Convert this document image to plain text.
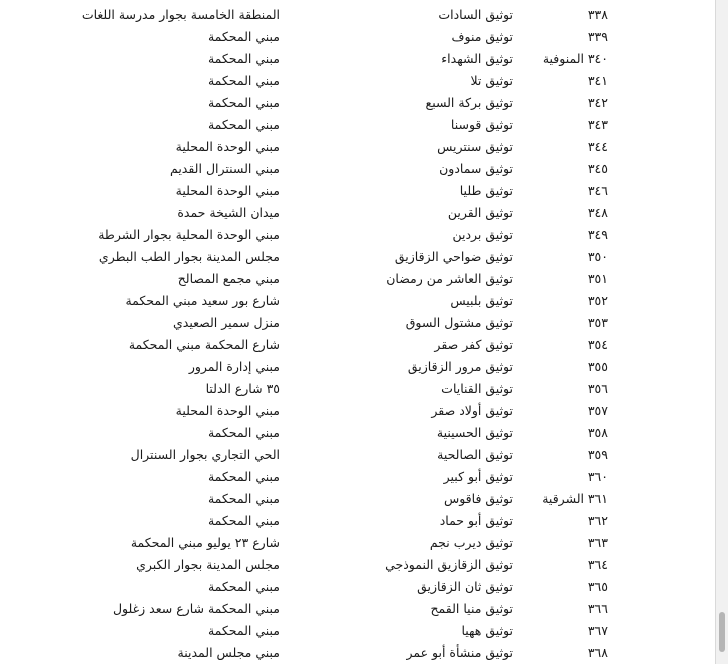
٣٣٨
توثيق السادات
المنطقة الخامسة بجوار مدرسة اللغات
٣٣٩
توثيق منوف
مبني المحكمة
٣٤٠
المنوفية
توثيق الشهداء
مبني المحكمة
٣٤١
توثيق تلا
مبني المحكمة
٣٤٢
توثيق بركة السبع
مبني المحكمة
٣٤٣
توثيق قوسنا
مبني المحكمة
٣٤٤
توثيق سنتريس
مبني الوحدة المحلية
٣٤٥
توثيق سمادون
مبني السنترال القديم
٣٤٦
توثيق طليا
مبني الوحدة المحلية
٣٤٨
توثيق القرين
ميدان الشيخة حمدة
٣٤٩
توثيق بردين
مبني الوحدة المحلية بجوار الشرطة
٣٥٠
توثيق ضواحي الزقازيق
مجلس المدينة بجوار الطب البطري
٣٥١
توثيق العاشر من رمضان
مبني مجمع المصالح
٣٥٢
توثيق بلبيس
شارع بور سعيد مبني المحكمة
٣٥٣
توثيق مشتول السوق
منزل سمير الصعيدي
٣٥٤
توثيق كفر صقر
شارع المحكمة مبني المحكمة
٣٥٥
توثيق مرور الزقازيق
مبني إدارة المرور
٣٥٦
توثيق القنايات
٣٥ شارع الدلتا
٣٥٧
توثيق أولاد صقر
مبني الوحدة المحلية
٣٥٨
توثيق الحسينية
مبني المحكمة
٣٥٩
توثيق الصالحية
الحي التجاري بجوار السنترال
٣٦٠
توثيق أبو كبير
مبني المحكمة
٣٦١
الشرقية
توثيق فاقوس
مبني المحكمة
٣٦٢
توثيق أبو حماد
مبني المحكمة
٣٦٣
توثيق ديرب نجم
شارع ٢٣ يوليو مبني المحكمة
٣٦٤
توثيق الزقازيق النموذجي
مجلس المدينة بجوار الكبري
٣٦٥
توثيق ثان الزقازيق
مبني المحكمة
٣٦٦
توثيق منيا القمح
مبني المحكمة شارع سعد زغلول
٣٦٧
توثيق ههيا
مبني المحكمة
٣٦٨
توثيق منشأة أبو عمر
مبني مجلس المدينة
